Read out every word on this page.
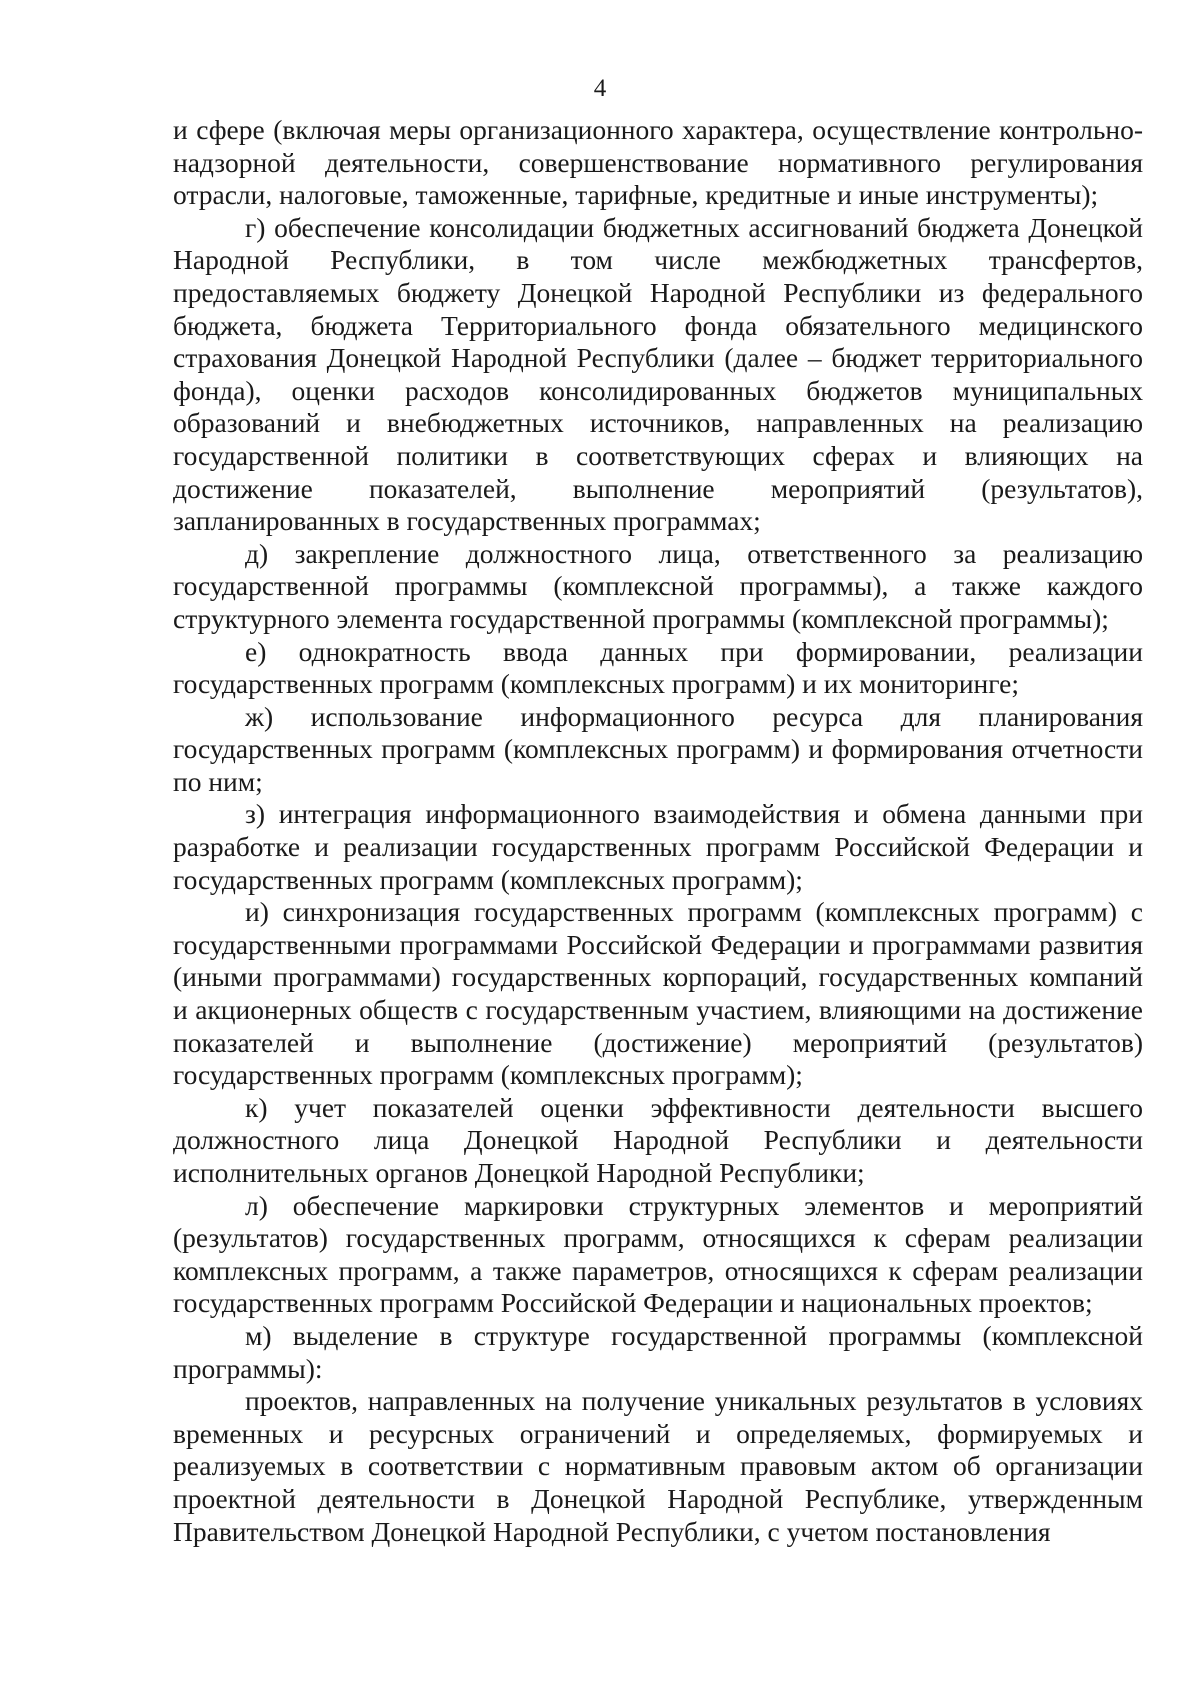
4

и сфере (включая меры организационного характера, осуществление контрольно-надзорной деятельности, совершенствование нормативного регулирования отрасли, налоговые, таможенные, тарифные, кредитные и иные инструменты);

г) обеспечение консолидации бюджетных ассигнований бюджета Донецкой Народной Республики, в том числе межбюджетных трансфертов, предоставляемых бюджету Донецкой Народной Республики из федерального бюджета, бюджета Территориального фонда обязательного медицинского страхования Донецкой Народной Республики (далее – бюджет территориального фонда), оценки расходов консолидированных бюджетов муниципальных образований и внебюджетных источников, направленных на реализацию государственной политики в соответствующих сферах и влияющих на достижение показателей, выполнение мероприятий (результатов), запланированных в государственных программах;

д) закрепление должностного лица, ответственного за реализацию государственной программы (комплексной программы), а также каждого структурного элемента государственной программы (комплексной программы);

е) однократность ввода данных при формировании, реализации государственных программ (комплексных программ) и их мониторинге;

ж) использование информационного ресурса для планирования государственных программ (комплексных программ) и формирования отчетности по ним;

з) интеграция информационного взаимодействия и обмена данными при разработке и реализации государственных программ Российской Федерации и государственных программ (комплексных программ);

и) синхронизация государственных программ (комплексных программ) с государственными программами Российской Федерации и программами развития (иными программами) государственных корпораций, государственных компаний и акционерных обществ с государственным участием, влияющими на достижение показателей и выполнение (достижение) мероприятий (результатов) государственных программ (комплексных программ);

к) учет показателей оценки эффективности деятельности высшего должностного лица Донецкой Народной Республики и деятельности исполнительных органов Донецкой Народной Республики;

л) обеспечение маркировки структурных элементов и мероприятий (результатов) государственных программ, относящихся к сферам реализации комплексных программ, а также параметров, относящихся к сферам реализации государственных программ Российской Федерации и национальных проектов;

м) выделение в структуре государственной программы (комплексной программы):

проектов, направленных на получение уникальных результатов в условиях временных и ресурсных ограничений и определяемых, формируемых и реализуемых в соответствии с нормативным правовым актом об организации проектной деятельности в Донецкой Народной Республике, утвержденным Правительством Донецкой Народной Республики, с учетом постановления
